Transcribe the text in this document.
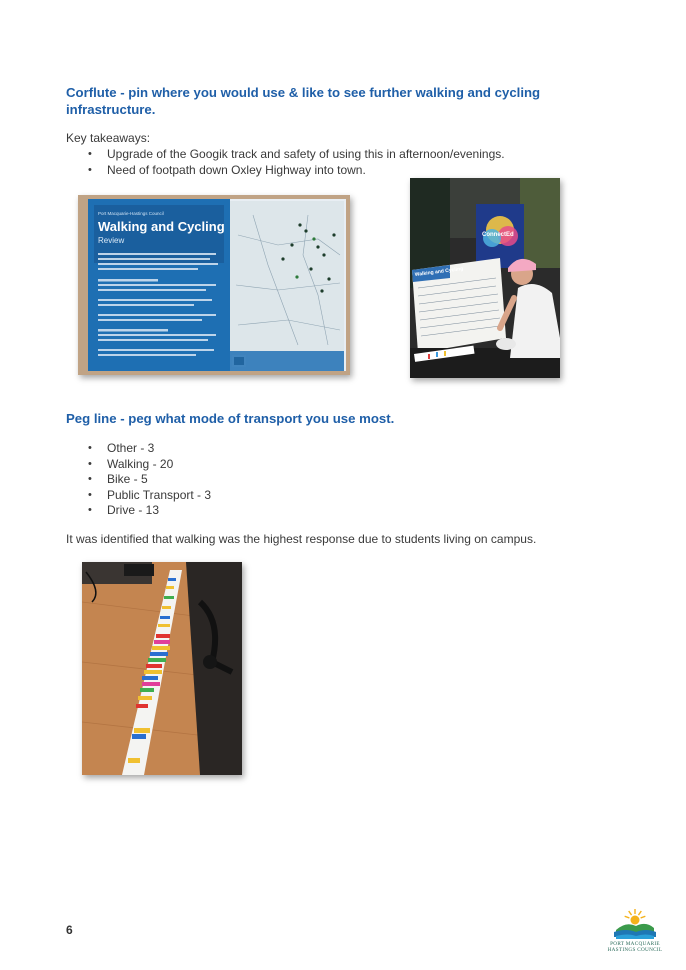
Corflute - pin where you would use & like to see further walking and cycling infrastructure.

Key takeaways:

• Upgrade of the Googik track and safety of using this in afternoon/evenings.
• Need of footpath down Oxley Highway into town.
Port Macquarie-Hastings Council
Walking and Cycling
Review
ConnectEd
Walking and Cycling
Peg line - peg what mode of transport you use most.
• Other - 3
• Walking - 20
• Bike - 5
• Public Transport - 3
• Drive - 13

It was identified that walking was the highest response due to students living on campus.

6
PORT MACQUARIE
HASTINGS COUNCIL
